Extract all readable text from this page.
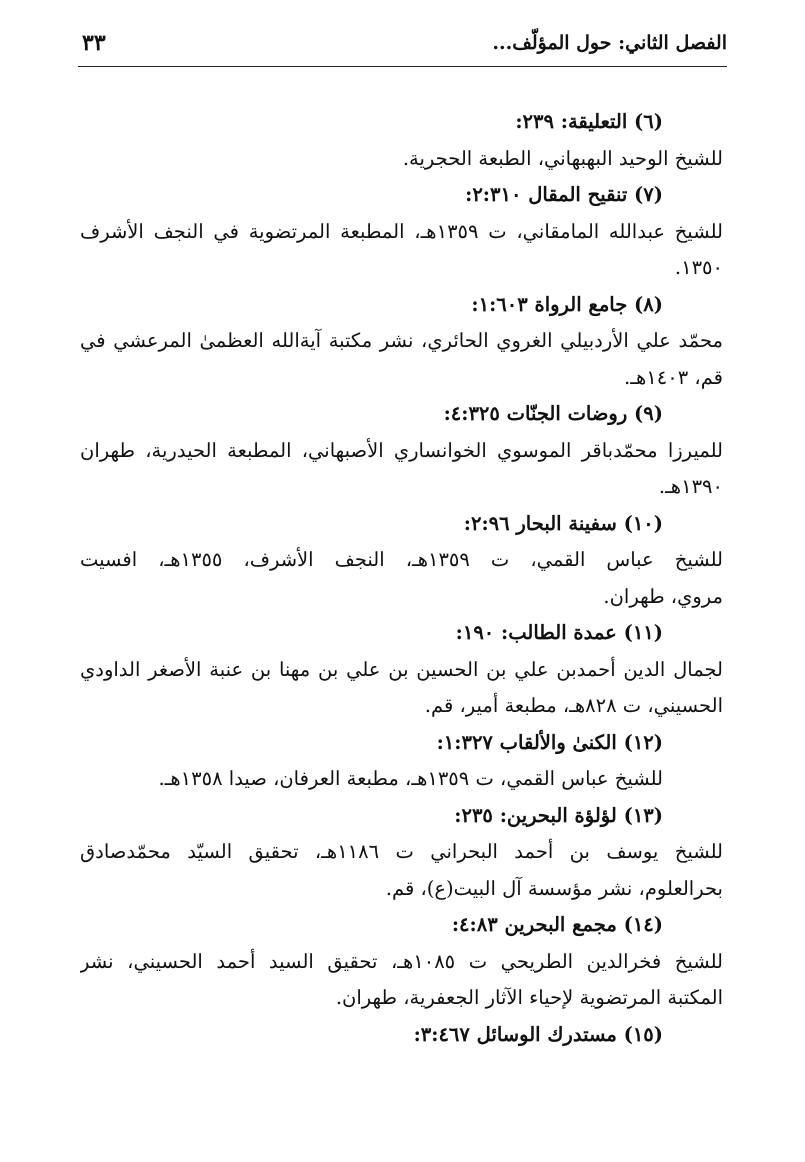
الفصل الثاني: حول المؤلّف...
٣٣
(٦) التعليقة: ٢٣٩:
للشيخ الوحيد البهبهاني، الطبعة الحجرية.
(٧) تنقيح المقال ٢:٣١٠:
للشيخ عبدالله المامقاني، ت ١٣٥٩هـ، المطبعة المرتضوية في النجف الأشرف
١٣٥٠.
(٨) جامع الرواة ١:٦٠٣:
محمّد علي الأردبيلي الغروي الحائري، نشر مكتبة آية‌الله العظمىٰ المرعشي في
قم، ١٤٠٣هـ.
(٩) روضات الجنّات ٤:٣٢٥:
للميرزا محمّدباقر الموسوي الخوانساري الأصبهاني، المطبعة الحيدرية، طهران
١٣٩٠هـ.
(١٠) سفينة البحار ٢:٩٦:
للشيخ عباس القمي، ت ١٣٥٩هـ، النجف الأشرف، ١٣٥٥هـ، افسيت
مروي، طهران.
(١١) عمدة الطالب: ١٩٠:
لجمال الدين أحمدبن علي بن الحسين بن علي بن مهنا بن عنبة الأصغر الداودي
الحسيني، ت ٨٢٨هـ، مطبعة أمير، قم.
(١٢) الكنىٰ والألقاب ١:٣٢٧:
للشيخ عباس القمي، ت ١٣٥٩هـ، مطبعة العرفان، صيدا ١٣٥٨هـ.
(١٣) لؤلؤة البحرين: ٢٣٥:
للشيخ يوسف بن أحمد البحراني ت ١١٨٦هـ، تحقيق السيّد محمّدصادق
بحرالعلوم، نشر مؤسسة آل البيت(ع)، قم.
(١٤) مجمع البحرين ٤:٨٣:
للشيخ فخرالدين الطريحي ت ١٠٨٥هـ، تحقيق السيد أحمد الحسيني، نشر
المكتبة المرتضوية لإحياء الآثار الجعفرية، طهران.
(١٥) مستدرك الوسائل ٣:٤٦٧:
